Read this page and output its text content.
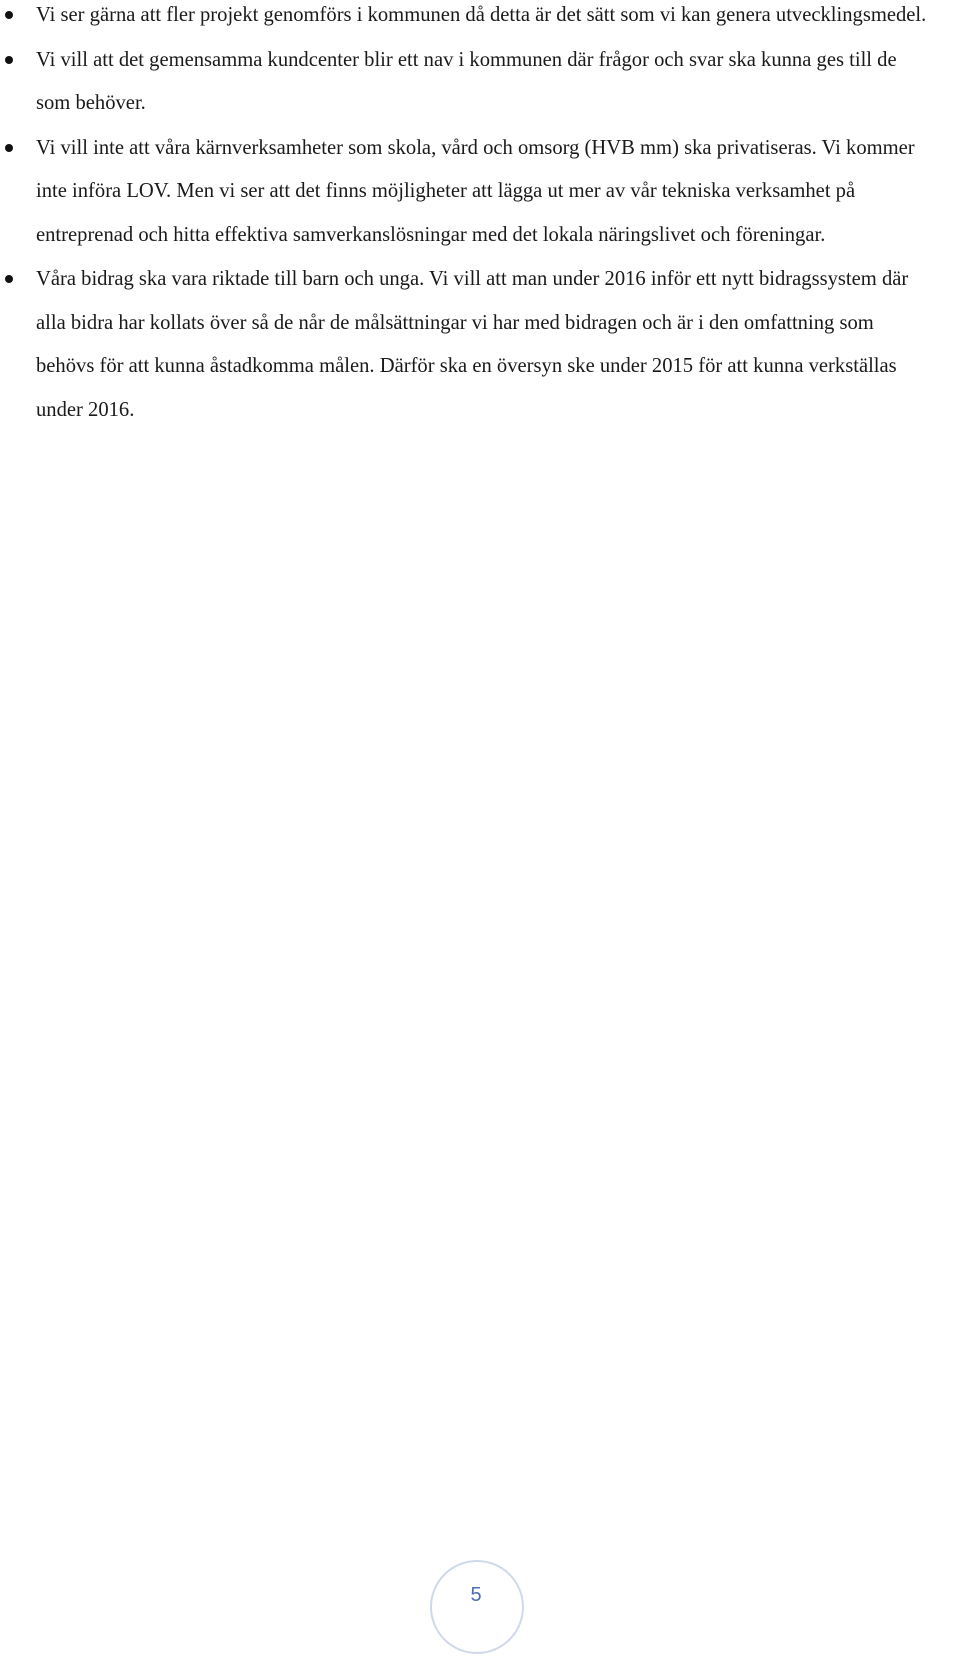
Vi ser gärna att fler projekt genomförs i kommunen då detta är det sätt som vi kan genera utvecklingsmedel.
Vi vill att det gemensamma kundcenter blir ett nav i kommunen där frågor och svar ska kunna ges till de som behöver.
Vi vill inte att våra kärnverksamheter som skola, vård och omsorg (HVB mm) ska privatiseras. Vi kommer inte införa LOV. Men vi ser att det finns möjligheter att lägga ut mer av vår tekniska verksamhet på entreprenad och hitta effektiva samverkanslösningar med det lokala näringslivet och föreningar.
Våra bidrag ska vara riktade till barn och unga. Vi vill att man under 2016 inför ett nytt bidragssystem där alla bidra har kollats över så de når de målsättningar vi har med bidragen och är i den omfattning som behövs för att kunna åstadkomma målen. Därför ska en översyn ske under 2015 för att kunna verkställas under 2016.
5
